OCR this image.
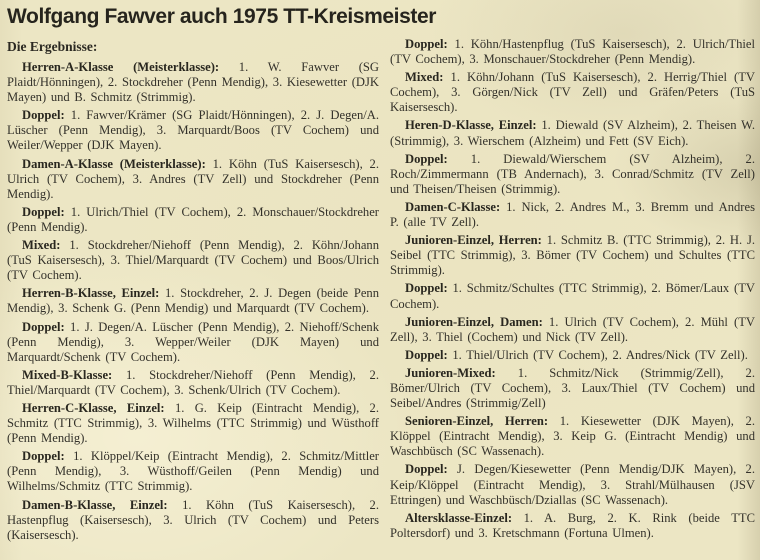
Wolfgang Fawver auch 1975 TT-Kreismeister
Die Ergebnisse:

Herren-A-Klasse (Meisterklasse): 1. W. Fawver (SG Plaidt/Hönningen), 2. Stockdreher (Penn Mendig), 3. Kiesewetter (DJK Mayen) und B. Schmitz (Strimmig).

Doppel: 1. Fawver/Krämer (SG Plaidt/Hönningen), 2. J. Degen/A. Lüscher (Penn Mendig), 3. Marquardt/Boos (TV Cochem) und Weiler/Wepper (DJK Mayen).

Damen-A-Klasse (Meisterklasse): 1. Köhn (TuS Kaisersesch), 2. Ulrich (TV Cochem), 3. Andres (TV Zell) und Stockdreher (Penn Mendig).

Doppel: 1. Ulrich/Thiel (TV Cochem), 2. Monschauer/Stockdreher (Penn Mendig).

Mixed: 1. Stockdreher/Niehoff (Penn Mendig), 2. Köhn/Johann (TuS Kaisersesch), 3. Thiel/Marquardt (TV Cochem) und Boos/Ulrich (TV Cochem).

Herren-B-Klasse, Einzel: 1. Stockdreher, 2. J. Degen (beide Penn Mendig), 3. Schenk G. (Penn Mendig) und Marquardt (TV Cochem).

Doppel: 1. J. Degen/A. Lüscher (Penn Mendig), 2. Niehoff/Schenk (Penn Mendig), 3. Wepper/Weiler (DJK Mayen) und Marquardt/Schenk (TV Cochem).

Mixed-B-Klasse: 1. Stockdreher/Niehoff (Penn Mendig), 2. Thiel/Marquardt (TV Cochem), 3. Schenk/Ulrich (TV Cochem).

Herren-C-Klasse, Einzel: 1. G. Keip (Eintracht Mendig), 2. Schmitz (TTC Strimmig), 3. Wilhelms (TTC Strimmig) und Wüsthoff (Penn Mendig).

Doppel: 1. Klöppel/Keip (Eintracht Mendig), 2. Schmitz/Mittler (Penn Mendig), 3. Wüsthoff/Geilen (Penn Mendig) und Wilhelms/Schmitz (TTC Strimmig).

Damen-B-Klasse, Einzel: 1. Köhn (TuS Kaisersesch), 2. Hastenpflug (Kaisersesch), 3. Ulrich (TV Cochem) und Peters (Kaisersesch).

Doppel: 1. Köhn/Hastenpflug (TuS Kaisersesch), 2. Ulrich/Thiel (TV Cochem), 3. Monschauer/Stockdreher (Penn Mendig).

Mixed: 1. Köhn/Johann (TuS Kaisersesch), 2. Herrig/Thiel (TV Cochem), 3. Görgen/Nick (TV Zell) und Gräfen/Peters (TuS Kaisersesch).

Heren-D-Klasse, Einzel: 1. Diewald (SV Alzheim), 2. Theisen W. (Strimmig), 3. Wierschem (Alzheim) und Fett (SV Eich).

Doppel: 1. Diewald/Wierschem (SV Alzheim), 2. Roch/Zimmermann (TB Andernach), 3. Conrad/Schmitz (TV Zell) und Theisen/Theisen (Strimmig).

Damen-C-Klasse: 1. Nick, 2. Andres M., 3. Bremm und Andres P. (alle TV Zell).

Junioren-Einzel, Herren: 1. Schmitz B. (TTC Strimmig), 2. H. J. Seibel (TTC Strimmig), 3. Bömer (TV Cochem) und Schultes (TTC Strimmig).

Doppel: 1. Schmitz/Schultes (TTC Strimmig), 2. Bömer/Laux (TV Cochem).

Junioren-Einzel, Damen: 1. Ulrich (TV Cochem), 2. Mühl (TV Zell), 3. Thiel (Cochem) und Nick (TV Zell).

Doppel: 1. Thiel/Ulrich (TV Cochem), 2. Andres/Nick (TV Zell).

Junioren-Mixed: 1. Schmitz/Nick (Strimmig/Zell), 2. Bömer/Ulrich (TV Cochem), 3. Laux/Thiel (TV Cochem) und Seibel/Andres (Strimmig/Zell)

Senioren-Einzel, Herren: 1. Kiesewetter (DJK Mayen), 2. Klöppel (Eintracht Mendig), 3. Keip G. (Eintracht Mendig) und Waschbüsch (SC Wassenach).

Doppel: J. Degen/Kiesewetter (Penn Mendig/DJK Mayen), 2. Keip/Klöppel (Eintracht Mendig), 3. Strahl/Mülhausen (JSV Ettringen) und Waschbüsch/Dziallas (SC Wassenach).

Altersklasse-Einzel: 1. A. Burg, 2. K. Rink (beide TTC Poltersdorf) und 3. Kretschmann (Fortuna Ulmen).
